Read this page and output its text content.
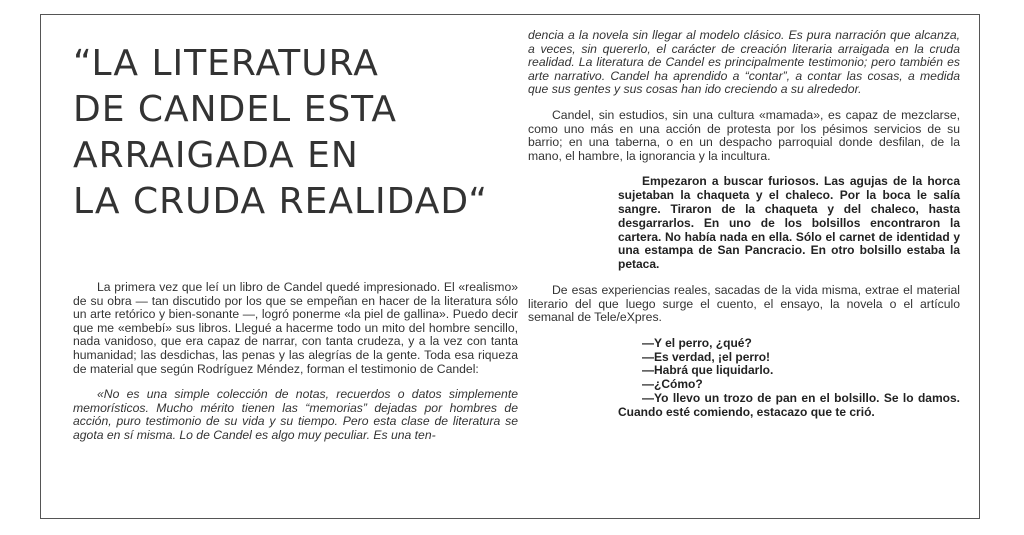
“LA LITERATURA
DE CANDEL ESTA
ARRAIGADA EN
LA CRUDA REALIDAD“

La primera vez que leí un libro de Candel quedé impresionado. El «realismo» de su obra — tan discutido por los que se empeñan en hacer de la literatura sólo un arte retórico y bien-sonante —, logró ponerme «la piel de gallina». Puedo decir que me «embebí» sus libros. Llegué a hacerme todo un mito del hombre sencillo, nada vanidoso, que era capaz de narrar, con tanta crudeza, y a la vez con tanta humanidad; las desdichas, las penas y las alegrías de la gente. Toda esa riqueza de material que según Rodríguez Méndez, forman el testimonio de Candel:

«No es una simple colección de notas, recuerdos o datos simplemente memorísticos. Mucho mérito tienen las “memorias” dejadas por hombres de acción, puro testimonio de su vida y su tiempo. Pero esta clase de literatura se agota en sí misma. Lo de Candel es algo muy peculiar. Es una ten-

dencia a la novela sin llegar al modelo clásico. Es pura narración que alcanza, a veces, sin quererlo, el carácter de creación literaria arraigada en la cruda realidad. La literatura de Candel es principalmente testimonio; pero también es arte narrativo. Candel ha aprendido a “contar”, a contar las cosas, a medida que sus gentes y sus cosas han ido creciendo a su alrededor.

Candel, sin estudios, sin una cultura «mamada», es capaz de mezclarse, como uno más en una acción de protesta por los pésimos servicios de su barrio; en una taberna, o en un despacho parroquial donde desfilan, de la mano, el hambre, la ignorancia y la incultura.

Empezaron a buscar furiosos. Las agujas de la horca sujetaban la chaqueta y el chaleco. Por la boca le salía sangre. Tiraron de la chaqueta y del chaleco, hasta desgarrarlos. En uno de los bolsillos encontraron la cartera. No había nada en ella. Sólo el carnet de identidad y una estampa de San Pancracio. En otro bolsillo estaba la petaca.

De esas experiencias reales, sacadas de la vida misma, extrae el material literario del que luego surge el cuento, el ensayo, la novela o el artículo semanal de Tele/eXpres.

—Y el perro, ¿qué?
—Es verdad, ¡el perro!
—Habrá que liquidarlo.
—¿Cómo?
—Yo llevo un trozo de pan en el bolsillo. Se lo damos. Cuando esté comiendo, estacazo que te crió.
